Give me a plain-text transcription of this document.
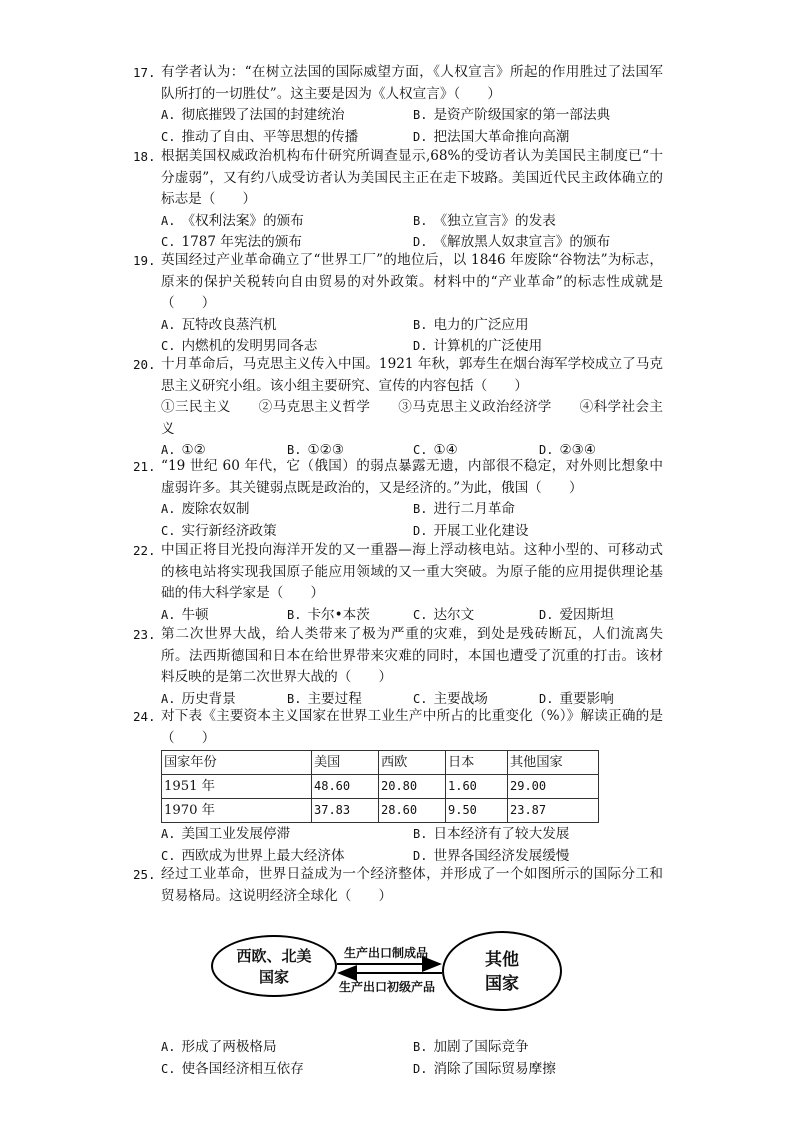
17. 有学者认为：“在树立法国的国际威望方面，《人权宣言》所起的作用胜过了法国军队所打的一切胜仗”。这主要是因为《人权宣言》（　　）
A. 彻底摧毁了法国的封建统治	B. 是资产阶级国家的第一部法典
C. 推动了自由、平等思想的传播	D. 把法国大革命推向高潮
18. 根据美国权威政治机构布什研究所调查显示,68%的受访者认为美国民主制度已“十分虚弱”，又有约八成受访者认为美国民主正在走下坡路。美国近代民主政体确立的标志是（　　）
A. 《权利法案》的颁布	B. 《独立宣言》的发表
C. 1787 年宪法的颁布	D. 《解放黑人奴隶宣言》的颁布
19. 英国经过产业革命确立了“世界工厂”的地位后，以 1846 年废除“谷物法”为标志，原来的保护关税转向自由贸易的对外政策。材料中的“产业革命”的标志性成就是（　　）
A. 瓦特改良蒸汽机	B. 电力的广泛应用
C. 内燃机的发明男同各志	D. 计算机的广泛使用
20. 十月革命后，马克思主义传入中国。1921 年秋，郭寿生在烟台海军学校成立了马克思主义研究小组。该小组主要研究、宣传的内容包括（　　）
①三民主义　　②马克思主义哲学　　③马克思主义政治经济学　　④科学社会主义
A. ①②	B. ①②③	C. ①④	D. ②③④
21. “19 世纪 60 年代，它（俄国）的弱点暴露无遗，内部很不稳定，对外则比想象中虚弱许多。其关键弱点既是政治的，又是经济的。”为此，俄国（　　）
A. 废除农奴制	B. 进行二月革命
C. 实行新经济政策	D. 开展工业化建设
22. 中国正将目光投向海洋开发的又一重器—海上浮动核电站。这种小型的、可移动式的核电站将实现我国原子能应用领域的又一重大突破。为原子能的应用提供理论基础的伟大科学家是（　　）
A. 牛顿	B. 卡尔•本茨	C. 达尔文	D. 爱因斯坦
23. 第二次世界大战，给人类带来了极为严重的灾难，到处是残砖断瓦，人们流离失所。法西斯德国和日本在给世界带来灾难的同时，本国也遭受了沉重的打击。该材料反映的是第二次世界大战的（　　）
A. 历史背景	B. 主要过程	C. 主要战场	D. 重要影响
24. 对下表《主要资本主义国家在世界工业生产中所占的比重变化（%）》解读正确的是（　　）
国家年份	美国	西欧	日本	其他国家
1951 年	48.60	20.80	1.60	29.00
1970 年	37.83	28.60	9.50	23.87
A. 美国工业发展停滞	B. 日本经济有了较大发展
C. 西欧成为世界上最大经济体	D. 世界各国经济发展缓慢
25. 经过工业革命，世界日益成为一个经济整体，并形成了一个如图所示的国际分工和贸易格局。这说明经济全球化（　　）
西欧、北美
国家
其他
国家
生产出口制成品
生产出口初级产品
A. 形成了两极格局	B. 加剧了国际竞争
C. 使各国经济相互依存	D. 消除了国际贸易摩擦
